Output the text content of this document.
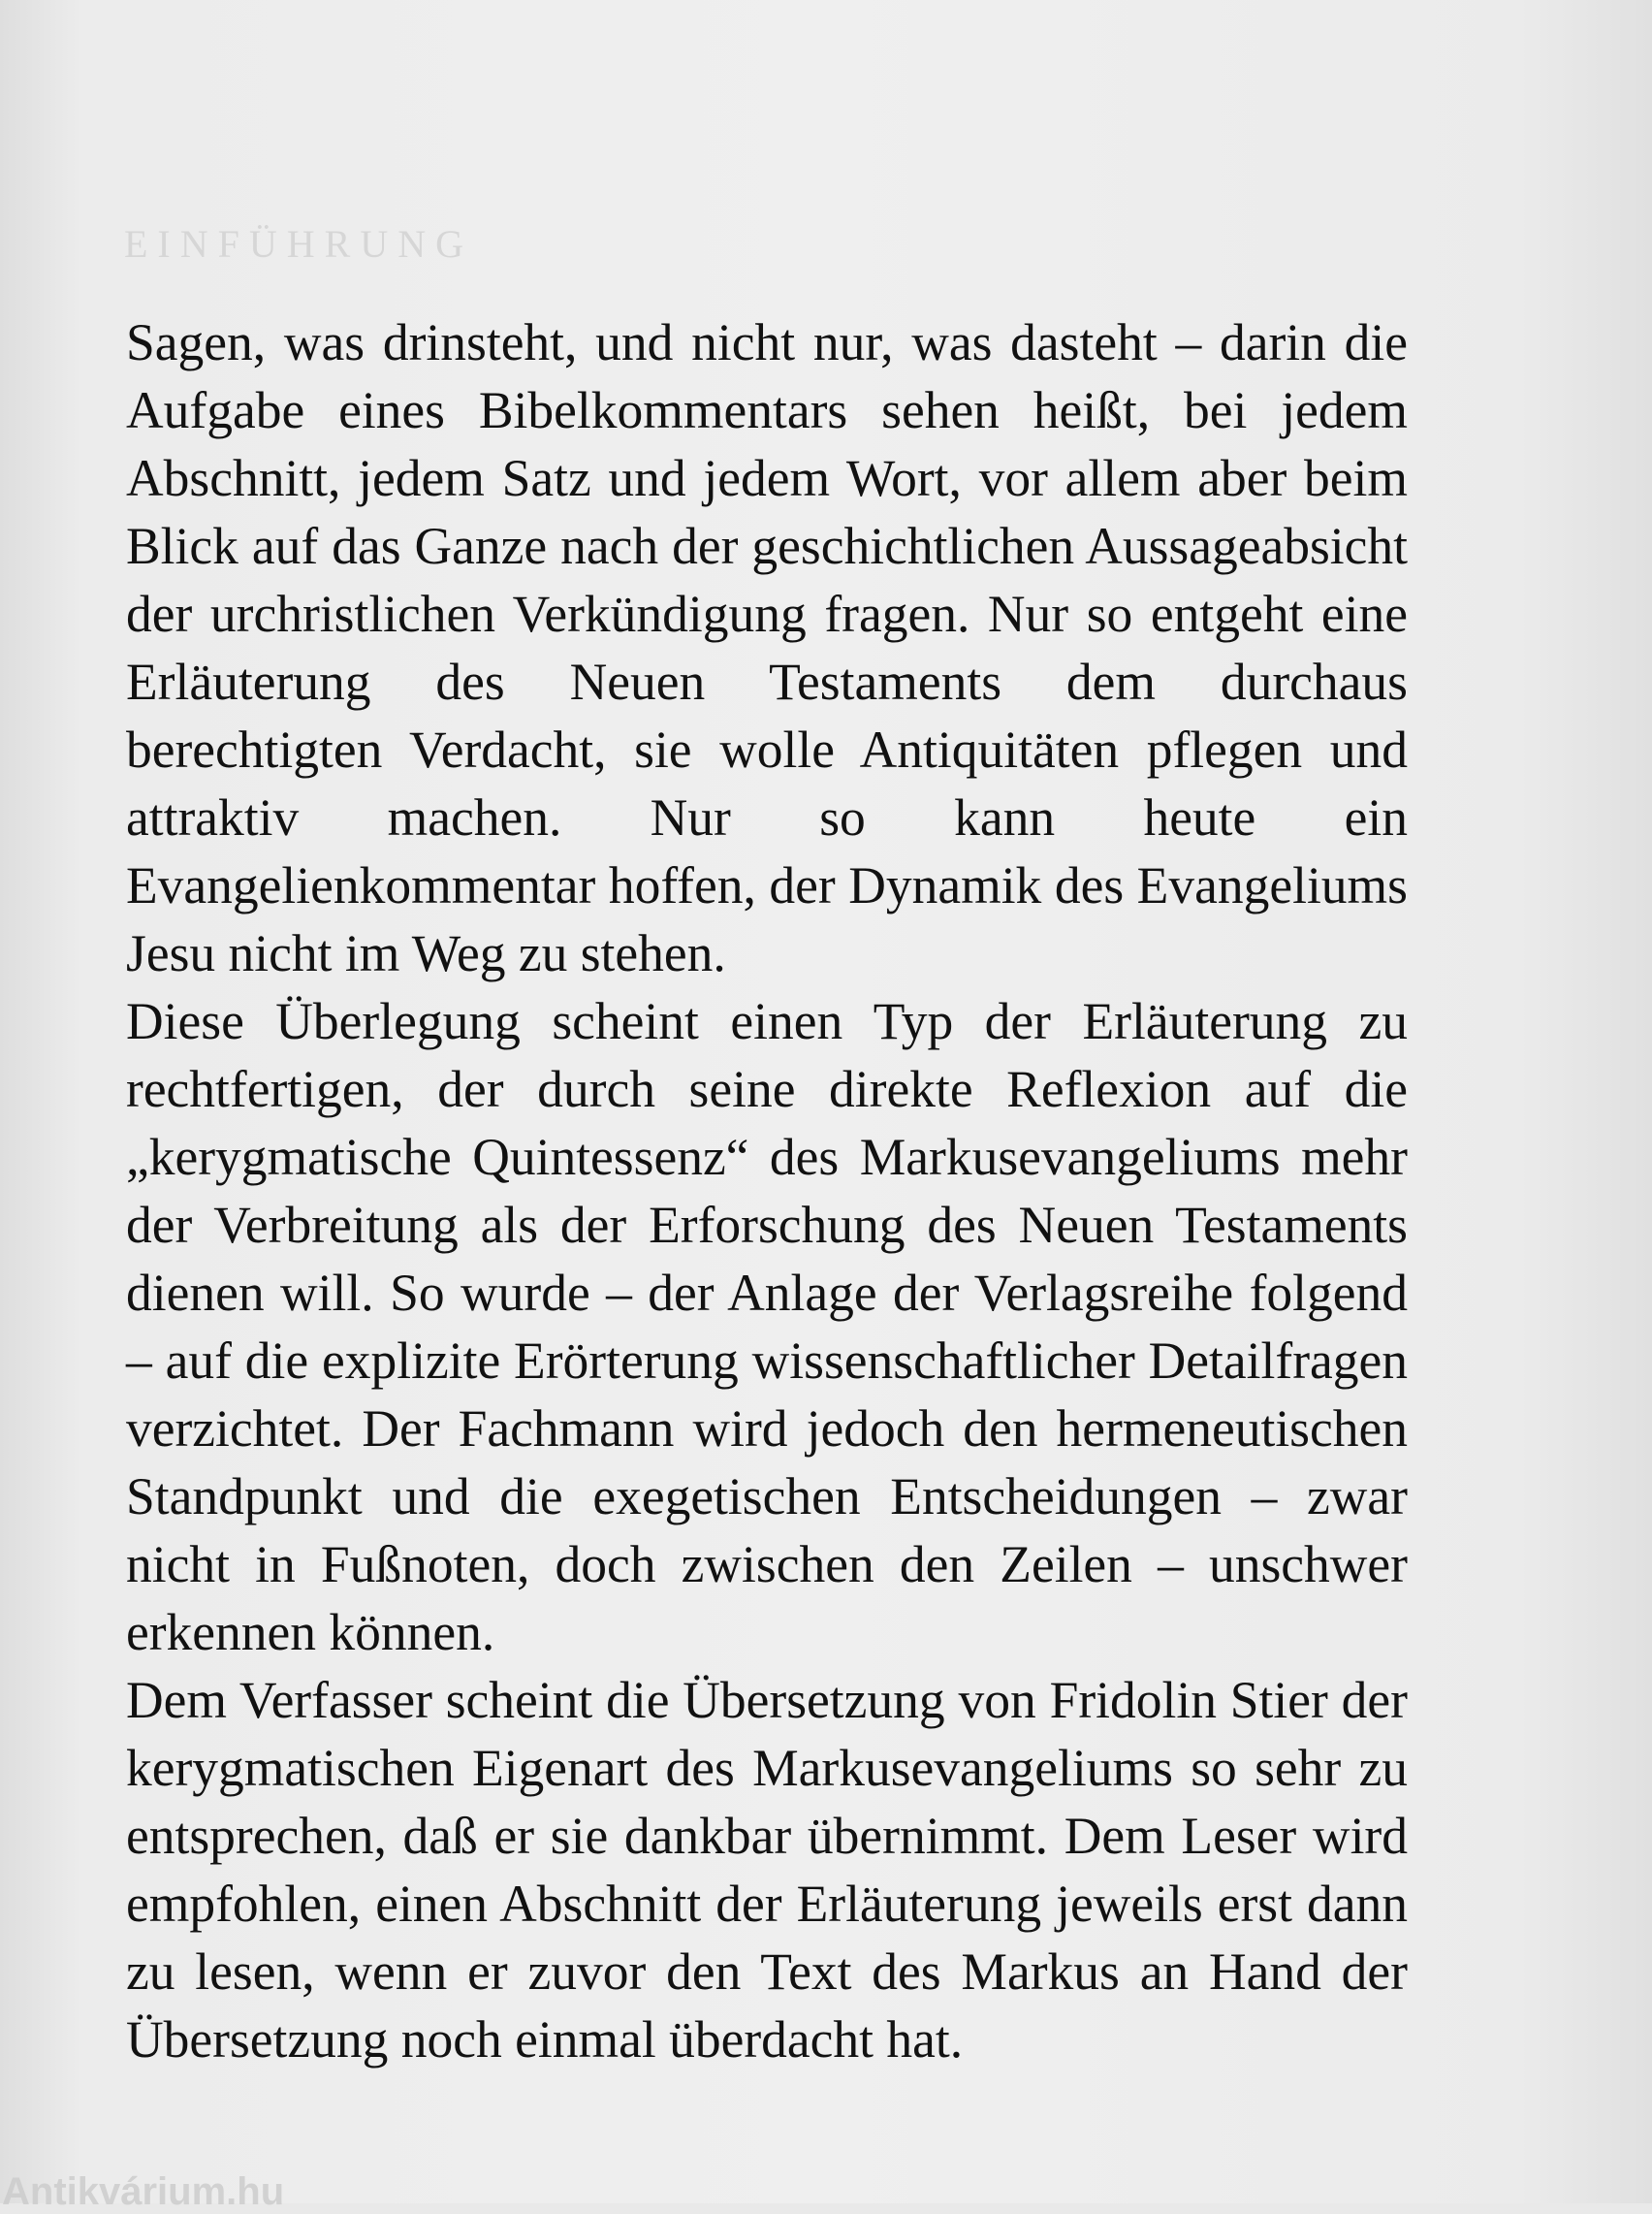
EINFÜHRUNG

Sagen, was drinsteht, und nicht nur, was dasteht – darin die Aufgabe eines Bibelkommentars sehen heißt, bei jedem Abschnitt, jedem Satz und jedem Wort, vor allem aber beim Blick auf das Ganze nach der geschichtlichen Aussageabsicht der urchristlichen Verkündigung fragen. Nur so entgeht eine Erläuterung des Neuen Testaments dem durchaus berechtigten Verdacht, sie wolle Antiquitäten pflegen und attraktiv machen. Nur so kann heute ein Evangelienkommentar hoffen, der Dynamik des Evangeliums Jesu nicht im Weg zu stehen.

Diese Überlegung scheint einen Typ der Erläuterung zu rechtfertigen, der durch seine direkte Reflexion auf die „kerygmatische Quintessenz“ des Markusevangeliums mehr der Verbreitung als der Erforschung des Neuen Testaments dienen will. So wurde – der Anlage der Verlagsreihe folgend – auf die explizite Erörterung wissenschaftlicher Detailfragen verzichtet. Der Fachmann wird jedoch den hermeneutischen Standpunkt und die exegetischen Entscheidungen – zwar nicht in Fußnoten, doch zwischen den Zeilen – unschwer erkennen können.

Dem Verfasser scheint die Übersetzung von Fridolin Stier der kerygmatischen Eigenart des Markusevangeliums so sehr zu entsprechen, daß er sie dankbar übernimmt. Dem Leser wird empfohlen, einen Abschnitt der Erläuterung jeweils erst dann zu lesen, wenn er zuvor den Text des Markus an Hand der Übersetzung noch einmal überdacht hat.

Antikvárium.hu
